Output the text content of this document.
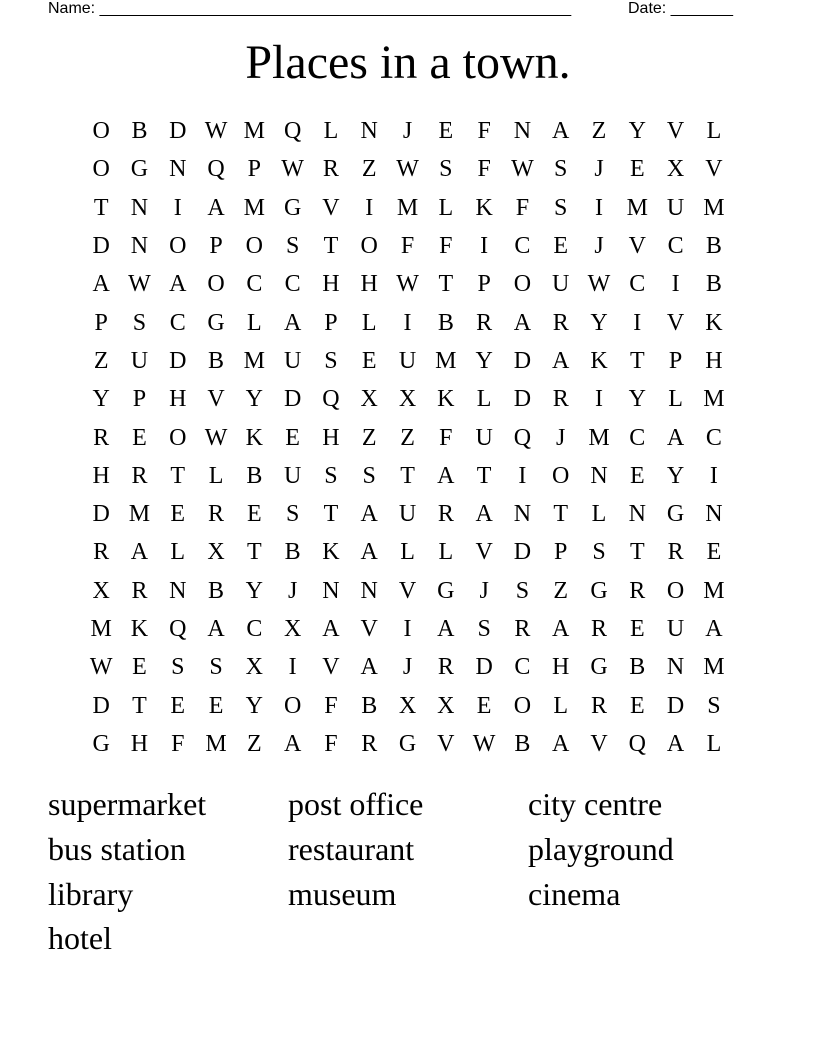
Name: _____________________________________________________	Date: _______
Places in a town.
O B D W M Q L N	J	E	F N A Z Y V L
O G N Q P W R Z W S	F W S	J	E X V
T N	I	A M G V	I M L K F	S	I M U M
D N O P O S	T O F	F	I	C E	J	V C B
A W A O C C H H W T	P O U W C	I	B
P	S C G L A P	L	I	B R A R Y	I	V K
Z U D B M U S	E U M Y D A K T	P H
Y P H V Y D Q X X K L D R	I	Y L M
R E O W K E H Z Z	F U Q	J M C A C
H R T L B U S	S	T A T	I	O N E Y	I
D M E R E	S	T A U R A N T L N G N
R A L X T B K A L L V D P	S	T R E
X R N B Y	J	N N V G	J	S	Z G R O M
M K Q A C X A V	I	A S R A R E U A
W E	S	S X	I	V A	J	R D C H G B N M
D T E E Y O F B X X E O L R E D S
G H F M Z A F R G V W B A V Q A L
supermarket	post office	city centre
bus station	restaurant	playground
library	museum	cinema
hotel
